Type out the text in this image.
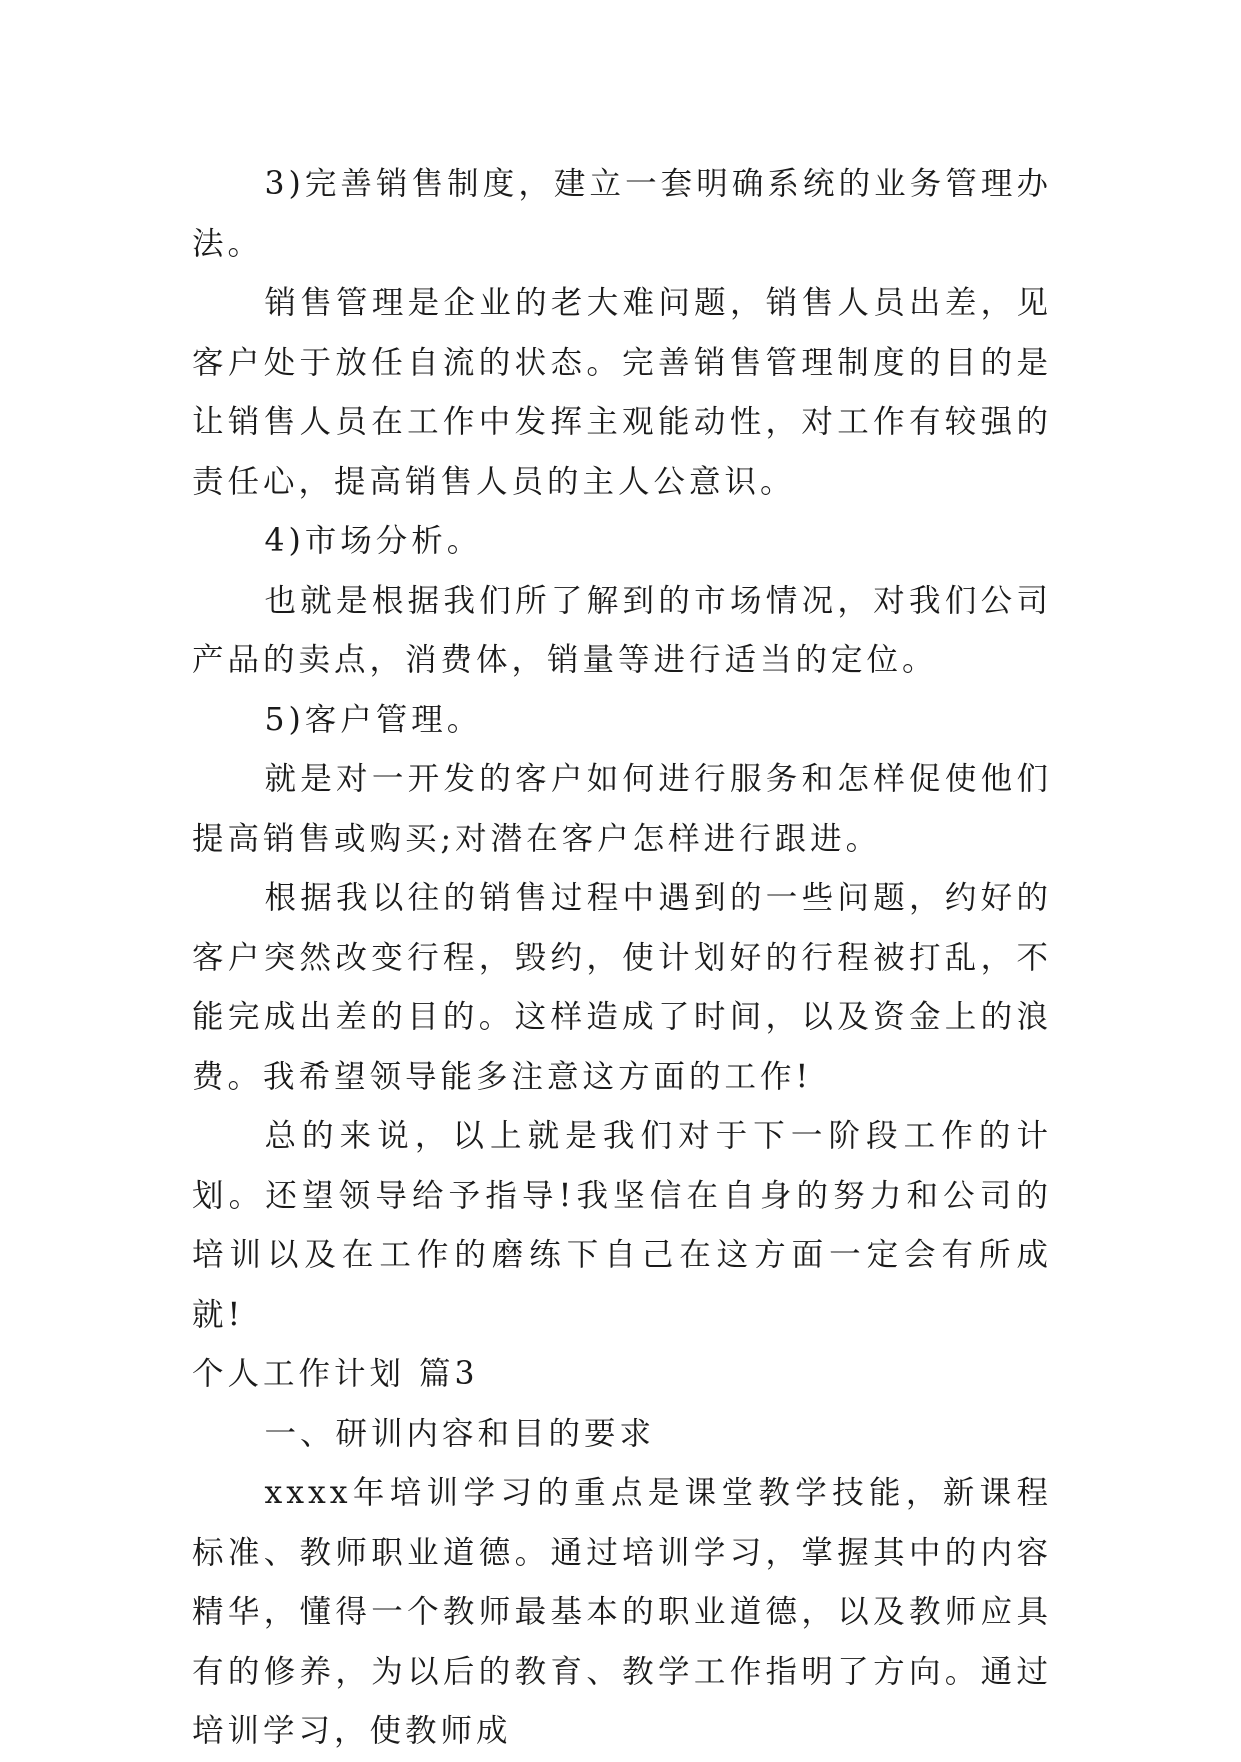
3)完善销售制度，建立一套明确系统的业务管理办法。

销售管理是企业的老大难问题，销售人员出差，见客户处于放任自流的状态。完善销售管理制度的目的是让销售人员在工作中发挥主观能动性，对工作有较强的责任心，提高销售人员的主人公意识。

4)市场分析。

也就是根据我们所了解到的市场情况，对我们公司产品的卖点，消费体，销量等进行适当的定位。

5)客户管理。

就是对一开发的客户如何进行服务和怎样促使他们提高销售或购买;对潜在客户怎样进行跟进。

根据我以往的销售过程中遇到的一些问题，约好的客户突然改变行程，毁约，使计划好的行程被打乱，不能完成出差的目的。这样造成了时间，以及资金上的浪费。我希望领导能多注意这方面的工作!

总的来说，以上就是我们对于下一阶段工作的计划。还望领导给予指导!我坚信在自身的努力和公司的培训以及在工作的磨练下自己在这方面一定会有所成就!

个人工作计划 篇3

一、研训内容和目的要求

xxxx年培训学习的重点是课堂教学技能，新课程标准、教师职业道德。通过培训学习，掌握其中的内容精华，懂得一个教师最基本的职业道德，以及教师应具有的修养，为以后的教育、教学工作指明了方向。通过培训学习，使教师成
